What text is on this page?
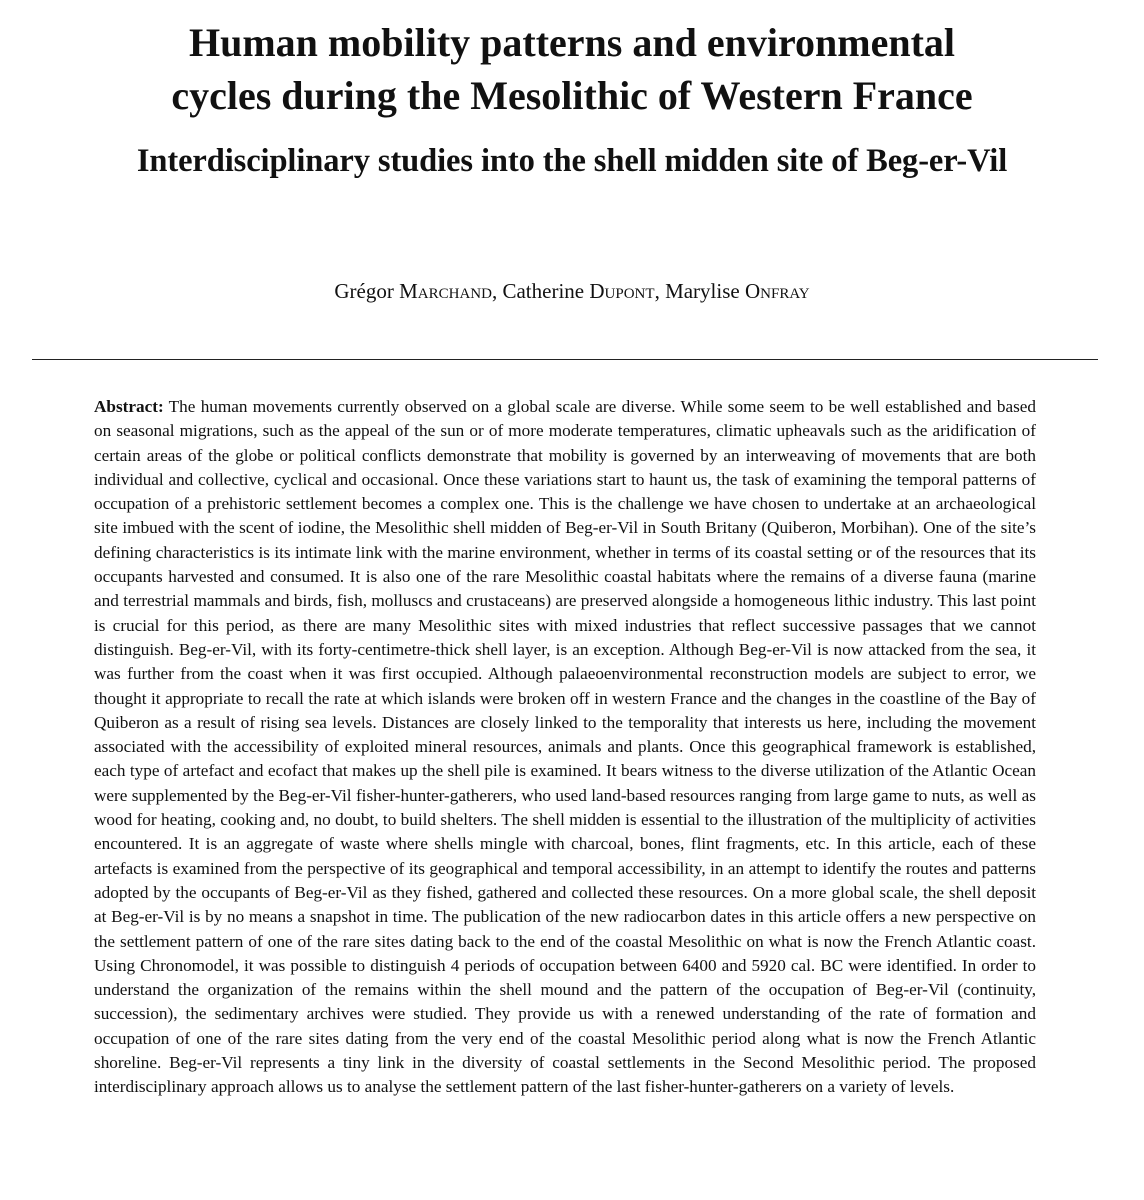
Human mobility patterns and environmental
cycles during the Mesolithic of Western France
Interdisciplinary studies into the shell midden site of Beg-er-Vil
Grégor Marchand, Catherine Dupont, Marylise Onfray

Abstract: The human movements currently observed on a global scale are diverse. While some seem to be well established and based on seasonal migrations, such as the appeal of the sun or of more moderate temperatures, climatic upheavals such as the aridification of certain areas of the globe or political conflicts demonstrate that mobility is governed by an interweaving of movements that are both individual and collective, cyclical and occasional. Once these variations start to haunt us, the task of examining the temporal patterns of occupation of a prehistoric settlement becomes a complex one. This is the challenge we have chosen to undertake at an archaeological site imbued with the scent of iodine, the Mesolithic shell midden of Beg-er-Vil in South Britany (Quiberon, Morbihan). One of the site’s defining characteristics is its intimate link with the marine environment, whether in terms of its coastal setting or of the resources that its occupants harvested and consumed. It is also one of the rare Mesolithic coastal habitats where the remains of a diverse fauna (marine and terrestrial mammals and birds, fish, molluscs and crustaceans) are preserved alongside a homogeneous lithic industry. This last point is crucial for this period, as there are many Mesolithic sites with mixed industries that reflect successive passages that we cannot distinguish. Beg-er-Vil, with its forty-centimetre-thick shell layer, is an exception. Although Beg-er-Vil is now attacked from the sea, it was further from the coast when it was first occupied. Although palaeoenvironmental reconstruction models are subject to error, we thought it appropriate to recall the rate at which islands were broken off in western France and the changes in the coastline of the Bay of Quiberon as a result of rising sea levels. Distances are closely linked to the temporality that interests us here, including the movement associated with the accessibility of exploited mineral resources, animals and plants. Once this geographical framework is established, each type of artefact and ecofact that makes up the shell pile is examined. It bears witness to the diverse utilization of the Atlantic Ocean were supplemented by the Beg-er-Vil fisher-hunter-gatherers, who used land-based resources ranging from large game to nuts, as well as wood for heating, cooking and, no doubt, to build shelters. The shell midden is essential to the illustration of the multiplicity of activities encountered. It is an aggregate of waste where shells mingle with charcoal, bones, flint fragments, etc. In this article, each of these artefacts is examined from the perspective of its geographical and temporal accessibility, in an attempt to identify the routes and patterns adopted by the occupants of Beg-er-Vil as they fished, gathered and collected these resources. On a more global scale, the shell deposit at Beg-er-Vil is by no means a snapshot in time. The publication of the new radiocarbon dates in this article offers a new perspective on the settlement pattern of one of the rare sites dating back to the end of the coastal Mesolithic on what is now the French Atlantic coast. Using Chronomodel, it was possible to distinguish 4 periods of occupation between 6400 and 5920 cal. BC were identified. In order to understand the organization of the remains within the shell mound and the pattern of the occupation of Beg-er-Vil (continuity, succession), the sedimentary archives were studied. They provide us with a renewed understanding of the rate of formation and occupation of one of the rare sites dating from the very end of the coastal Mesolithic period along what is now the French Atlantic shoreline. Beg-er-Vil represents a tiny link in the diversity of coastal settlements in the Second Mesolithic period. The proposed interdisciplinary approach allows us to analyse the settlement pattern of the last fisher-hunter-gatherers on a variety of levels.
